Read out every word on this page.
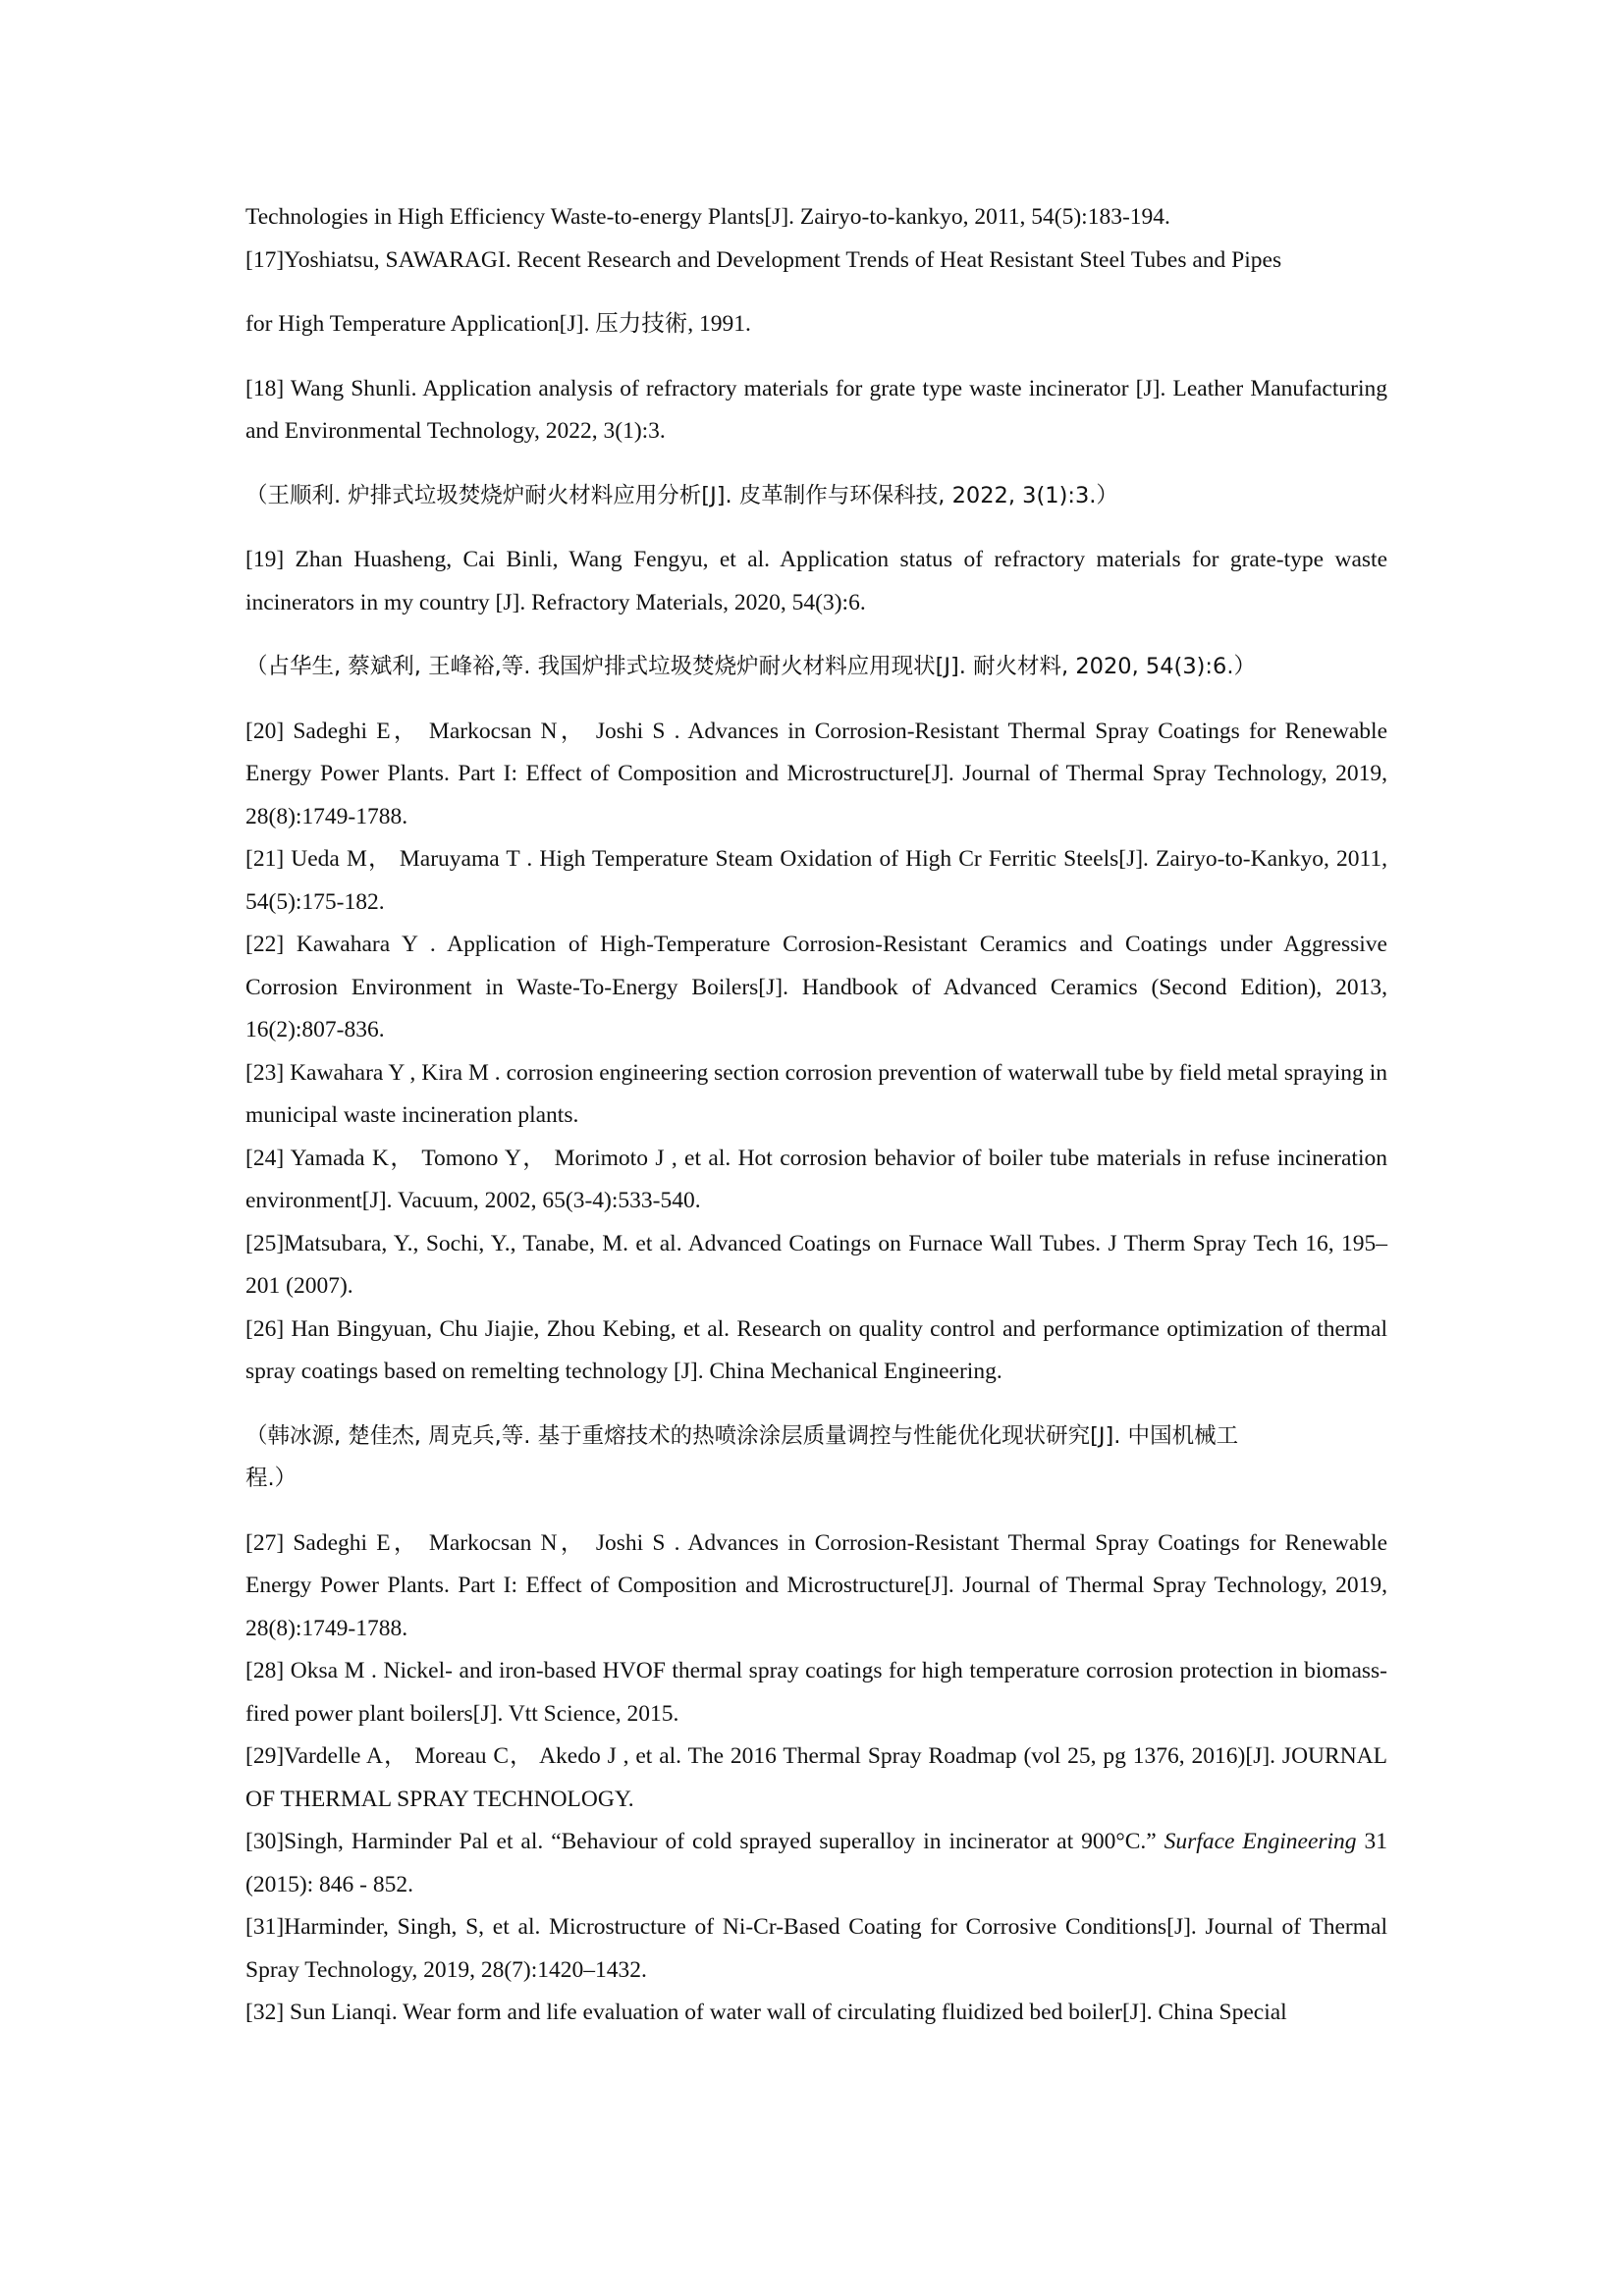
Technologies in High Efficiency Waste-to-energy Plants[J]. Zairyo-to-kankyo, 2011, 54(5):183-194.

[17]Yoshiatsu, SAWARAGI. Recent Research and Development Trends of Heat Resistant Steel Tubes and Pipes

for High Temperature Application[J]. 压力技術, 1991.

[18] Wang Shunli. Application analysis of refractory materials for grate type waste incinerator [J]. Leather Manufacturing and Environmental Technology, 2022, 3(1):3.

（王顺利. 炉排式垃圾焚烧炉耐火材料应用分析[J]. 皮革制作与环保科技, 2022, 3(1):3.）

[19] Zhan Huasheng, Cai Binli, Wang Fengyu, et al. Application status of refractory materials for grate-type waste incinerators in my country [J]. Refractory Materials, 2020, 54(3):6.

（占华生, 蔡斌利, 王峰裕,等. 我国炉排式垃圾焚烧炉耐火材料应用现状[J]. 耐火材料, 2020, 54(3):6.）

[20] Sadeghi E， Markocsan N， Joshi S . Advances in Corrosion-Resistant Thermal Spray Coatings for Renewable Energy Power Plants. Part I: Effect of Composition and Microstructure[J]. Journal of Thermal Spray Technology, 2019, 28(8):1749-1788.

[21] Ueda M， Maruyama T . High Temperature Steam Oxidation of High Cr Ferritic Steels[J]. Zairyo-to-Kankyo, 2011, 54(5):175-182.

[22] Kawahara Y . Application of High-Temperature Corrosion-Resistant Ceramics and Coatings under Aggressive Corrosion Environment in Waste-To-Energy Boilers[J]. Handbook of Advanced Ceramics (Second Edition), 2013, 16(2):807-836.

[23] Kawahara Y , Kira M . corrosion engineering section corrosion prevention of waterwall tube by field metal spraying in municipal waste incineration plants.

[24] Yamada K， Tomono Y， Morimoto J , et al. Hot corrosion behavior of boiler tube materials in refuse incineration environment[J]. Vacuum, 2002, 65(3-4):533-540.

[25]Matsubara, Y., Sochi, Y., Tanabe, M. et al. Advanced Coatings on Furnace Wall Tubes. J Therm Spray Tech 16, 195–201 (2007).

[26] Han Bingyuan, Chu Jiajie, Zhou Kebing, et al. Research on quality control and performance optimization of thermal spray coatings based on remelting technology [J]. China Mechanical Engineering.

（韩冰源, 楚佳杰, 周克兵,等. 基于重熔技术的热喷涂涂层质量调控与性能优化现状研究[J]. 中国机械工

程.）

[27] Sadeghi E， Markocsan N， Joshi S . Advances in Corrosion-Resistant Thermal Spray Coatings for Renewable Energy Power Plants. Part I: Effect of Composition and Microstructure[J]. Journal of Thermal Spray Technology, 2019, 28(8):1749-1788.

[28] Oksa M . Nickel- and iron-based HVOF thermal spray coatings for high temperature corrosion protection in biomass-fired power plant boilers[J]. Vtt Science, 2015.

[29]Vardelle A， Moreau C， Akedo J , et al. The 2016 Thermal Spray Roadmap (vol 25, pg 1376, 2016)[J]. JOURNAL OF THERMAL SPRAY TECHNOLOGY.

[30]Singh, Harminder Pal et al. “Behaviour of cold sprayed superalloy in incinerator at 900°C.” Surface Engineering 31 (2015): 846 - 852.

[31]Harminder, Singh, S, et al. Microstructure of Ni-Cr-Based Coating for Corrosive Conditions[J]. Journal of Thermal Spray Technology, 2019, 28(7):1420–1432.

[32] Sun Lianqi. Wear form and life evaluation of water wall of circulating fluidized bed boiler[J]. China Special
